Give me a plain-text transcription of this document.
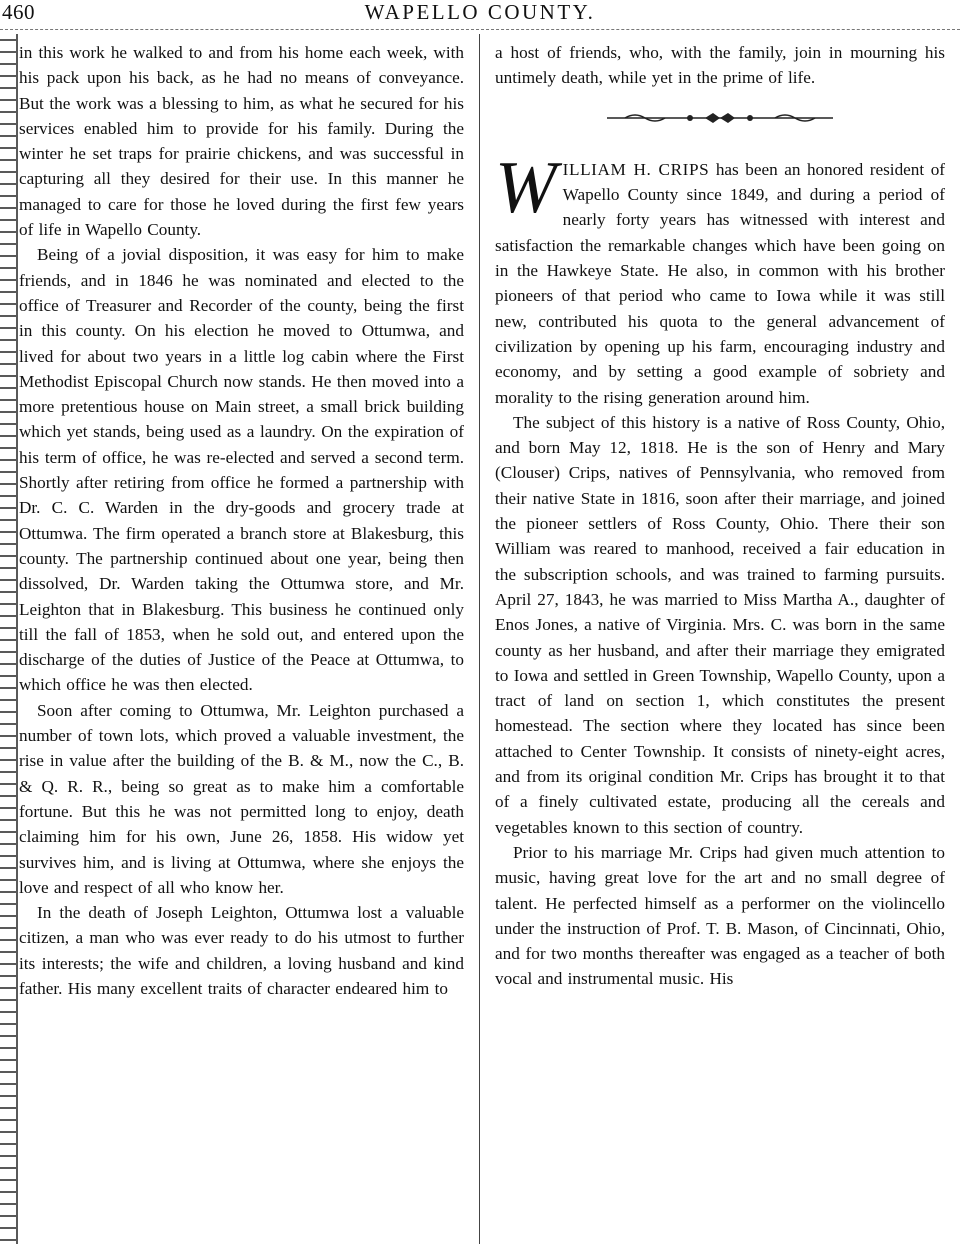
460	WAPELLO COUNTY.

in this work he walked to and from his home each week, with his pack upon his back, as he had no means of conveyance. But the work was a blessing to him, as what he secured for his services enabled him to provide for his family. During the winter he set traps for prairie chickens, and was successful in capturing all they desired for their use. In this manner he managed to care for those he loved during the first few years of life in Wapello County.

Being of a jovial disposition, it was easy for him to make friends, and in 1846 he was nominated and elected to the office of Treasurer and Recorder of the county, being the first in this county. On his election he moved to Ottumwa, and lived for about two years in a little log cabin where the First Methodist Episcopal Church now stands. He then moved into a more pretentious house on Main street, a small brick building which yet stands, being used as a laundry. On the expiration of his term of office, he was re-elected and served a second term. Shortly after retiring from office he formed a partnership with Dr. C. C. Warden in the dry-goods and grocery trade at Ottumwa. The firm operated a branch store at Blakesburg, this county. The partnership continued about one year, being then dissolved, Dr. Warden taking the Ottumwa store, and Mr. Leighton that in Blakesburg. This business he continued only till the fall of 1853, when he sold out, and entered upon the discharge of the duties of Justice of the Peace at Ottumwa, to which office he was then elected.

Soon after coming to Ottumwa, Mr. Leighton purchased a number of town lots, which proved a valuable investment, the rise in value after the building of the B. & M., now the C., B. & Q. R. R., being so great as to make him a comfortable fortune. But this he was not permitted long to enjoy, death claiming him for his own, June 26, 1858. His widow yet survives him, and is living at Ottumwa, where she enjoys the love and respect of all who know her.

In the death of Joseph Leighton, Ottumwa lost a valuable citizen, a man who was ever ready to do his utmost to further its interests; the wife and children, a loving husband and kind father. His many excellent traits of character endeared him to

a host of friends, who, with the family, join in mourning his untimely death, while yet in the prime of life.

W ILLIAM H. CRIPS has been an honored resident of Wapello County since 1849, and during a period of nearly forty years has witnessed with interest and satisfaction the remarkable changes which have been going on in the Hawkeye State. He also, in common with his brother pioneers of that period who came to Iowa while it was still new, contributed his quota to the general advancement of civilization by opening up his farm, encouraging industry and economy, and by setting a good example of sobriety and morality to the rising generation around him.

The subject of this history is a native of Ross County, Ohio, and born May 12, 1818. He is the son of Henry and Mary (Clouser) Crips, natives of Pennsylvania, who removed from their native State in 1816, soon after their marriage, and joined the pioneer settlers of Ross County, Ohio. There their son William was reared to manhood, received a fair education in the subscription schools, and was trained to farming pursuits. April 27, 1843, he was married to Miss Martha A., daughter of Enos Jones, a native of Virginia. Mrs. C. was born in the same county as her husband, and after their marriage they emigrated to Iowa and settled in Green Township, Wapello County, upon a tract of land on section 1, which constitutes the present homestead. The section where they located has since been attached to Center Township. It consists of ninety-eight acres, and from its original condition Mr. Crips has brought it to that of a finely cultivated estate, producing all the cereals and vegetables known to this section of country.

Prior to his marriage Mr. Crips had given much attention to music, having great love for the art and no small degree of talent. He perfected himself as a performer on the violincello under the instruction of Prof. T. B. Mason, of Cincinnati, Ohio, and for two months thereafter was engaged as a teacher of both vocal and instrumental music. His
